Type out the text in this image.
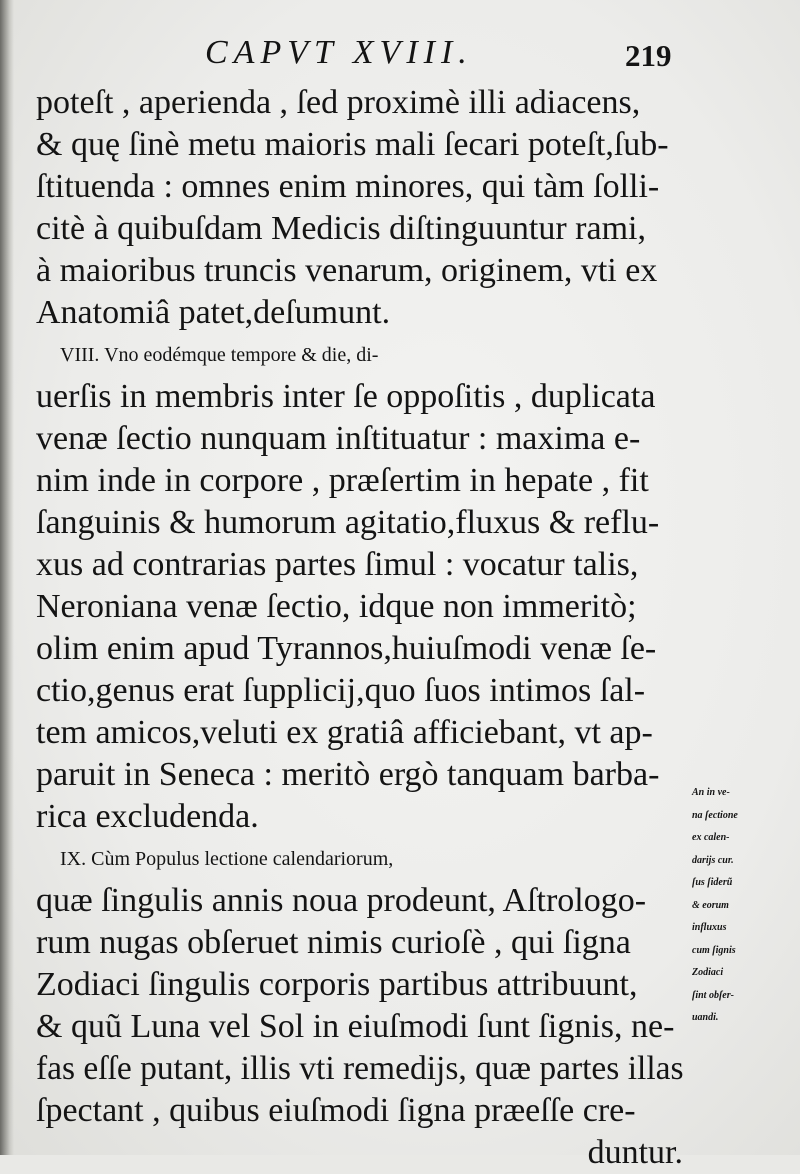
CAPVT XVIII.	219
poteſt , aperienda , ſed proximè illi adiacens,
& quę ſinè metu maioris mali ſecari poteſt,ſub-
ſtituenda : omnes enim minores, qui tàm ſolli-
citè à quibuſdam Medicis diſtinguuntur rami,
à maioribus truncis venarum, originem, vti ex
Anatomiâ patet,deſumunt.
VIII. Vno eodémque tempore & die, di-
uerſis in membris inter ſe oppoſitis , duplicata
venæ ſectio nunquam inſtituatur : maxima e-
nim inde in corpore , præſertim in hepate , fit
ſanguinis & humorum agitatio,fluxus & reflu-
xus ad contrarias partes ſimul : vocatur talis,
Neroniana venæ ſectio, idque non immeritò;
olim enim apud Tyrannos,huiuſmodi venæ ſe-
ctio,genus erat ſupplicij,quo ſuos intimos ſal-
tem amicos,veluti ex gratiâ afficiebant, vt ap-
paruit in Seneca : meritò ergò tanquam barba-
rica excludenda.
IX. Cùm Populus lectione calendariorum,
quæ ſingulis annis noua prodeunt, Aſtrologo-
rum nugas obſeruet nimis curioſè , qui ſigna
Zodiaci ſingulis corporis partibus attribuunt,
& quũ Luna vel Sol in eiuſmodi ſunt ſignis, ne-
fas eſſe putant, illis vti remedijs, quæ partes illas
ſpectant , quibus eiuſmodi ſigna præeſſe cre-
duntur.
An in ve-
na ſectione
ex calen-
darijs cur.
ſus ſiderũ
& eorum
influxus
cum ſignis
Zodiaci
ſint obſer-
uandi.
